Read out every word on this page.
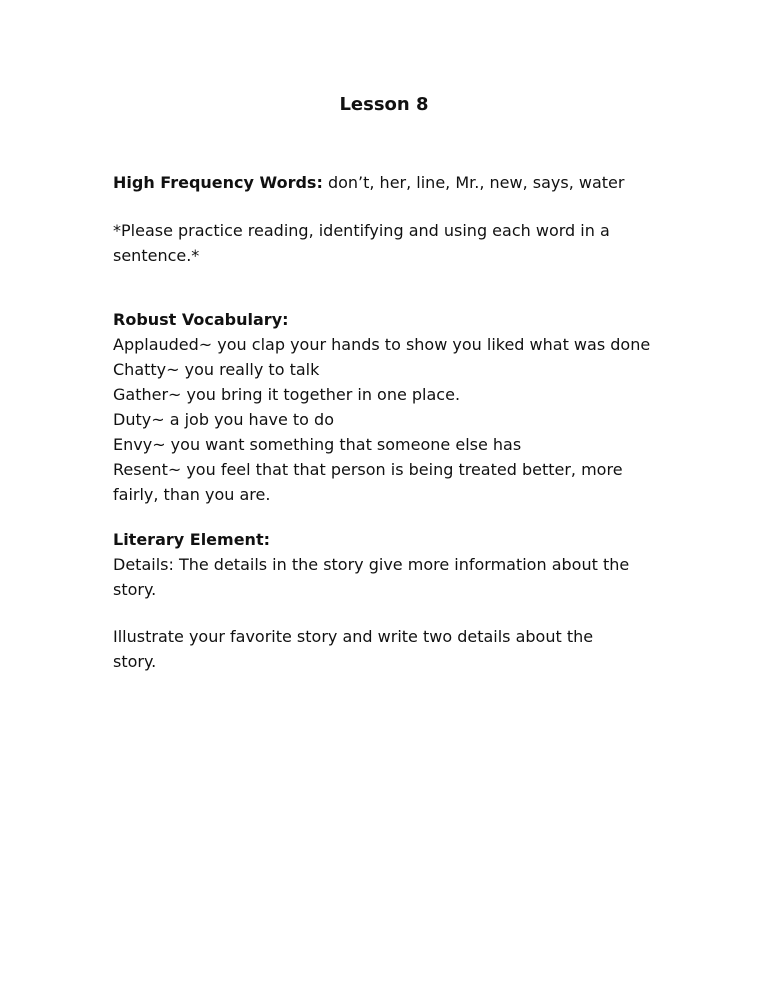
Lesson 8
High Frequency Words: don’t, her, line, Mr., new, says, water
*Please practice reading, identifying and using each word in a
sentence.*
Robust Vocabulary:
Applauded~ you clap your hands to show you liked what was done
Chatty~ you really to talk
Gather~ you bring it together in one place.
Duty~ a job you have to do
Envy~ you want something that someone else has
Resent~ you feel that that person is being treated better, more
fairly, than you are.
Literary Element:
Details: The details in the story give more information about the
story.
Illustrate your favorite story and write two details about the
story.
